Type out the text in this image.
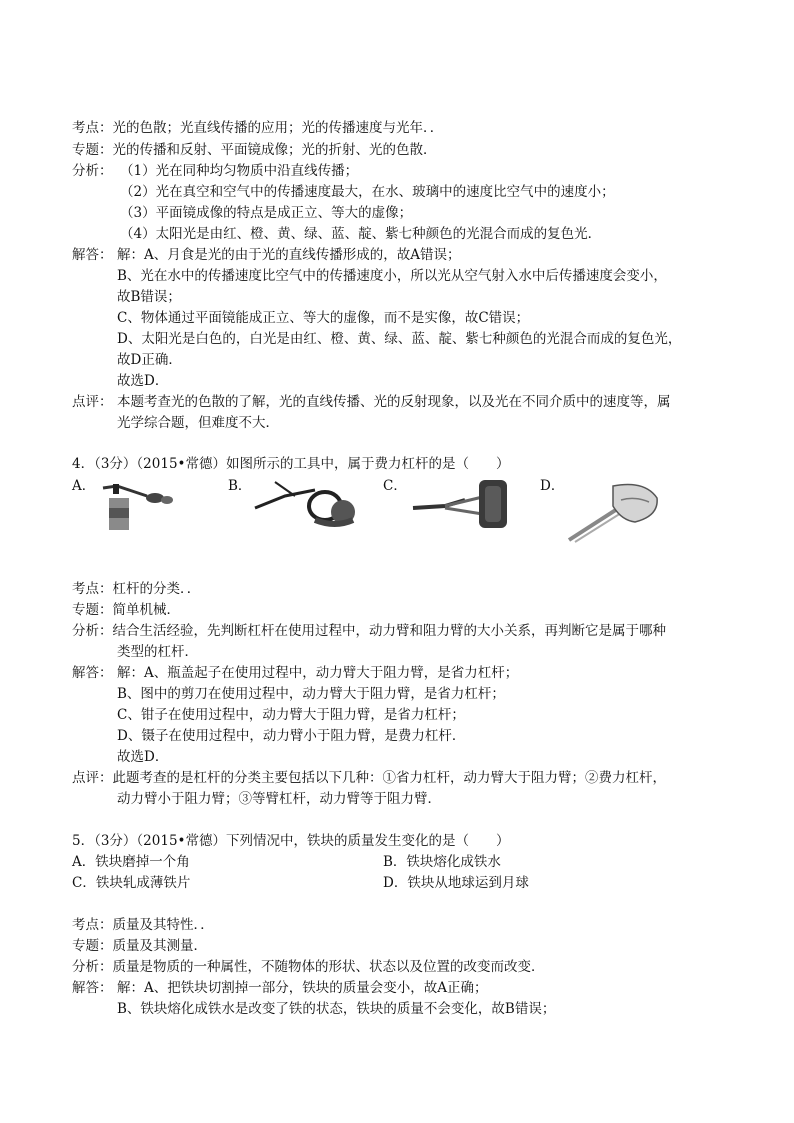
考点：光的色散；光直线传播的应用；光的传播速度与光年．．
专题：光的传播和反射、平面镜成像；光的折射、光的色散．
分析： （1）光在同种均匀物质中沿直线传播；
（2）光在真空和空气中的传播速度最大，在水、玻璃中的速度比空气中的速度小；
（3）平面镜成像的特点是成正立、等大的虚像；
（4）太阳光是由红、橙、黄、绿、蓝、靛、紫七种颜色的光混合而成的复色光．
解答： 解：A、月食是光的由于光的直线传播形成的，故A错误；
B、光在水中的传播速度比空气中的传播速度小，所以光从空气射入水中后传播速度会变小，
故B错误；
C、物体通过平面镜能成正立、等大的虚像，而不是实像，故C错误；
D、太阳光是白色的，白光是由红、橙、黄、绿、蓝、靛、紫七种颜色的光混合而成的复色光，
故D正确．
故选D．
点评： 本题考查光的色散的了解，光的直线传播、光的反射现象，以及光在不同介质中的速度等，属
光学综合题，但难度不大．
4．（3分）（2015•常德）如图所示的工具中，属于费力杠杆的是（　　）
A．	B．	C．	D．
考点：杠杆的分类．．
专题：简单机械．
分析：结合生活经验，先判断杠杆在使用过程中，动力臂和阻力臂的大小关系，再判断它是属于哪种
类型的杠杆．
解答： 解：A、瓶盖起子在使用过程中，动力臂大于阻力臂，是省力杠杆；
B、图中的剪刀在使用过程中，动力臂大于阻力臂，是省力杠杆；
C、钳子在使用过程中，动力臂大于阻力臂，是省力杠杆；
D、镊子在使用过程中，动力臂小于阻力臂，是费力杠杆．
故选D．
点评：此题考查的是杠杆的分类主要包括以下几种：①省力杠杆，动力臂大于阻力臂；②费力杠杆，
动力臂小于阻力臂；③等臂杠杆，动力臂等于阻力臂．
5．（3分）（2015•常德）下列情况中，铁块的质量发生变化的是（　　）
A．铁块磨掉一个角	B．铁块熔化成铁水
C．铁块轧成薄铁片	D．铁块从地球运到月球
考点：质量及其特性．．
专题：质量及其测量．
分析：质量是物质的一种属性，不随物体的形状、状态以及位置的改变而改变．
解答： 解：A、把铁块切割掉一部分，铁块的质量会变小，故A正确；
B、铁块熔化成铁水是改变了铁的状态，铁块的质量不会变化，故B错误；
